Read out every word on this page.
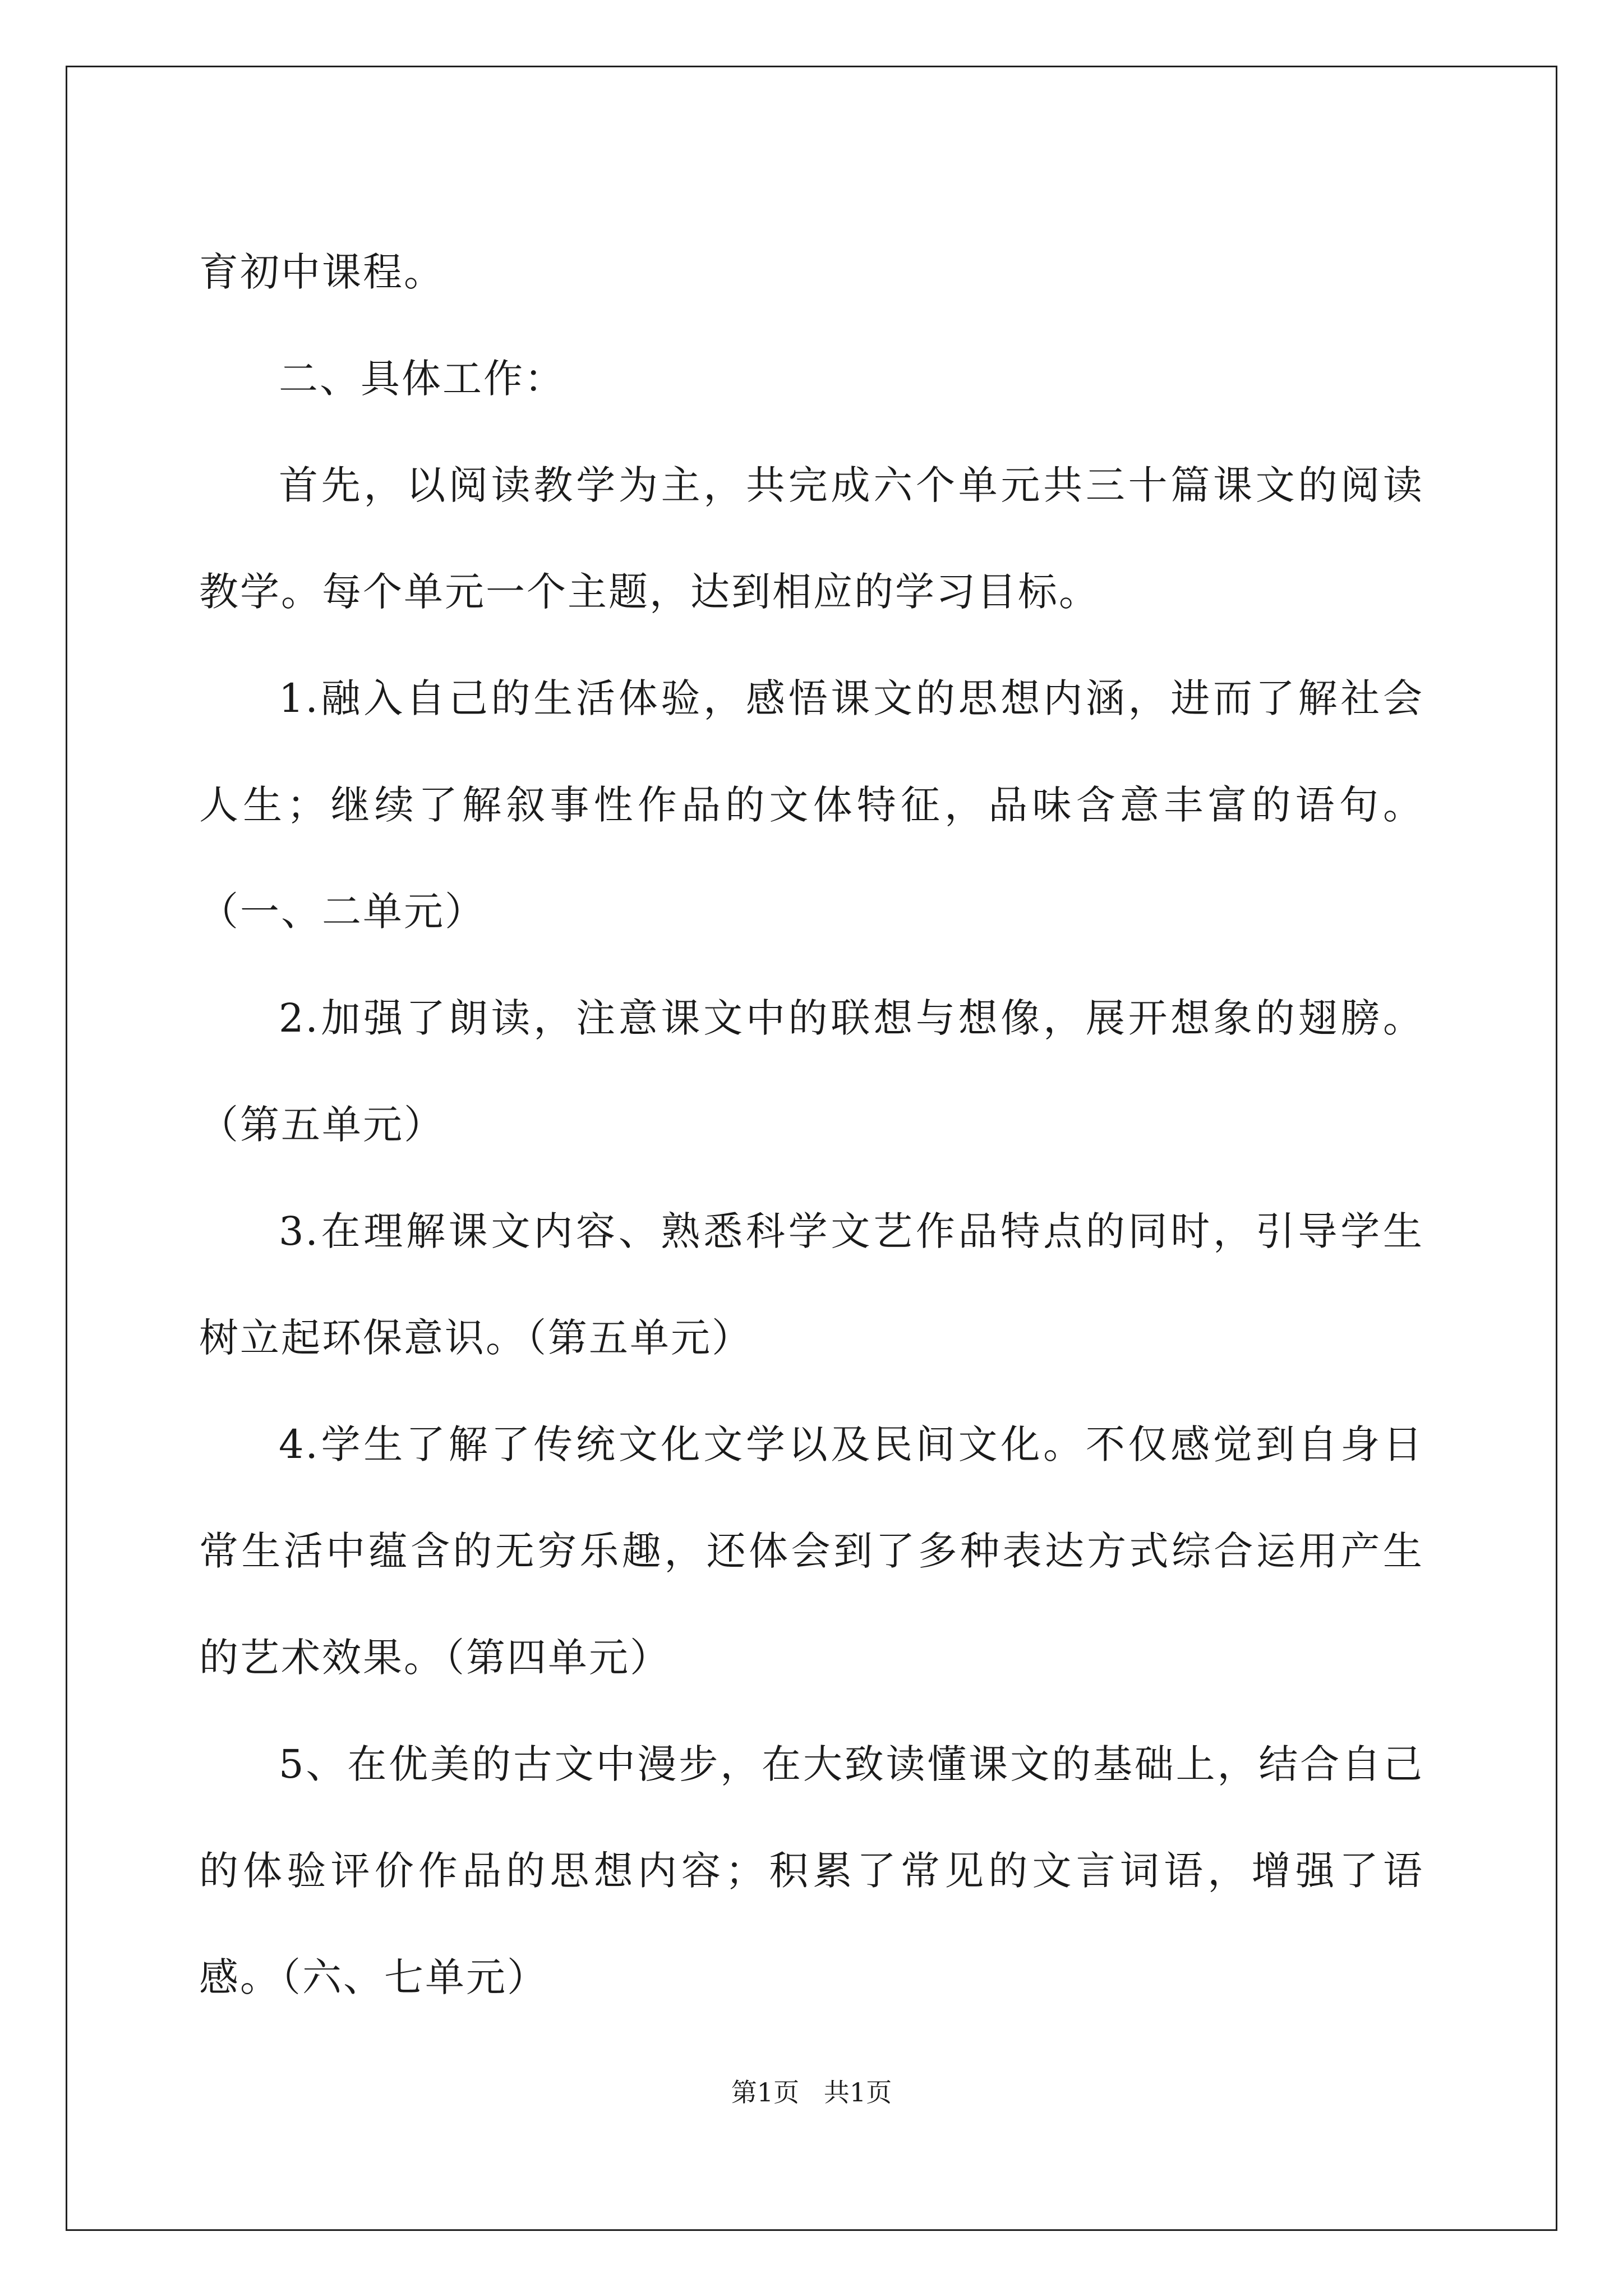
育初中课程。

二、具体工作：

首先，以阅读教学为主，共完成六个单元共三十篇课文的阅读教学。每个单元一个主题，达到相应的学习目标。

1.融入自己的生活体验，感悟课文的思想内涵，进而了解社会人生；继续了解叙事性作品的文体特征，品味含意丰富的语句。（一、二单元）

2.加强了朗读，注意课文中的联想与想像，展开想象的翅膀。（第五单元）

3.在理解课文内容、熟悉科学文艺作品特点的同时，引导学生树立起环保意识。（第五单元）

4.学生了解了传统文化文学以及民间文化。不仅感觉到自身日常生活中蕴含的无穷乐趣，还体会到了多种表达方式综合运用产生的艺术效果。（第四单元）

5、在优美的古文中漫步，在大致读懂课文的基础上，结合自己的体验评价作品的思想内容；积累了常见的文言词语，增强了语感。（六、七单元）

第1页   共1页
